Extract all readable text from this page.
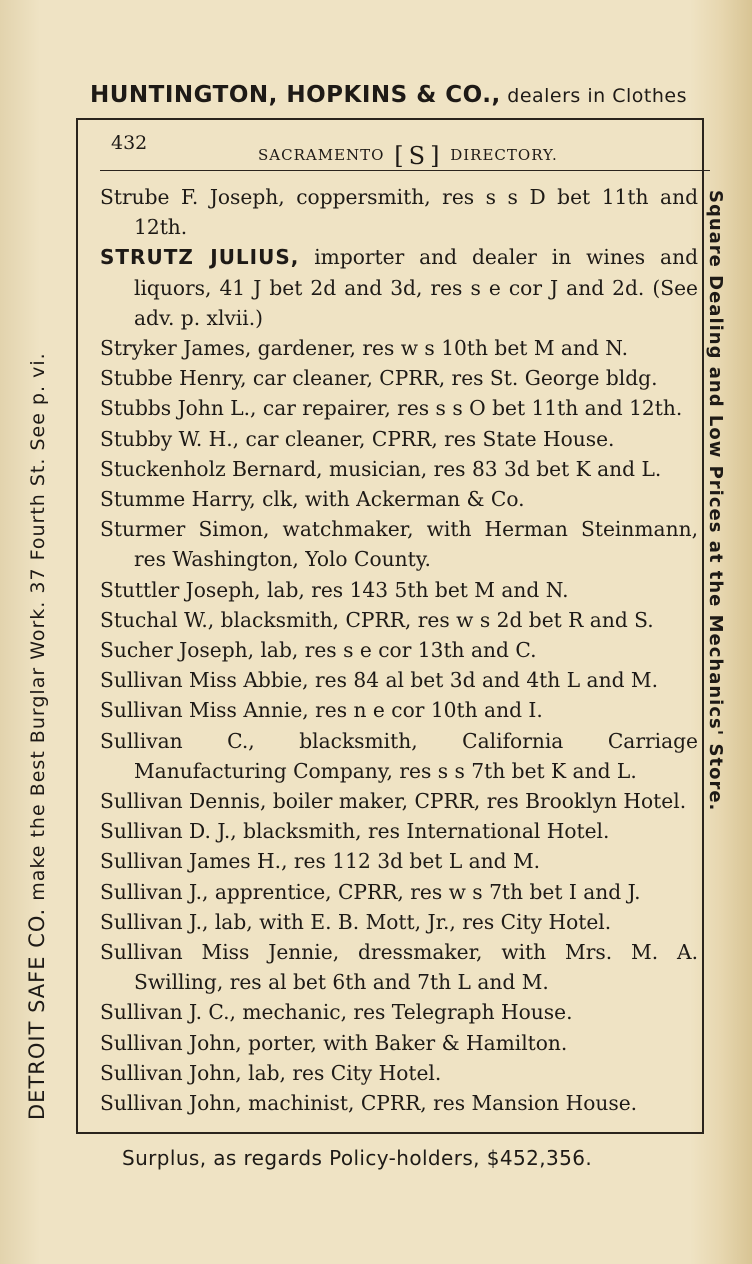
HUNTINGTON, HOPKINS & CO., dealers in Clothes
DETROIT SAFE CO. make the Best Burglar Work. 37 Fourth St. See p. vi.	Square Dealing and Low Prices at the Mechanics' Store.
432
SACRAMENTO [ S ] DIRECTORY.

Strube F. Joseph, coppersmith, res s s D bet 11th and 12th.

STRUTZ JULIUS, importer and dealer in wines and liquors, 41 J bet 2d and 3d, res s e cor J and 2d. (See adv. p. xlvii.)

Stryker James, gardener, res w s 10th bet M and N.

Stubbe Henry, car cleaner, CPRR, res St. George bldg.

Stubbs John L., car repairer, res s s O bet 11th and 12th.

Stubby W. H., car cleaner, CPRR, res State House.

Stuckenholz Bernard, musician, res 83 3d bet K and L.

Stumme Harry, clk, with Ackerman & Co.

Sturmer Simon, watchmaker, with Herman Steinmann, res Washington, Yolo County.

Stuttler Joseph, lab, res 143 5th bet M and N.

Stuchal W., blacksmith, CPRR, res w s 2d bet R and S.

Sucher Joseph, lab, res s e cor 13th and C.

Sullivan Miss Abbie, res 84 al bet 3d and 4th L and M.

Sullivan Miss Annie, res n e cor 10th and I.

Sullivan C., blacksmith, California Carriage Manufacturing Company, res s s 7th bet K and L.

Sullivan Dennis, boiler maker, CPRR, res Brooklyn Hotel.

Sullivan D. J., blacksmith, res International Hotel.

Sullivan James H., res 112 3d bet L and M.

Sullivan J., apprentice, CPRR, res w s 7th bet I and J.

Sullivan J., lab, with E. B. Mott, Jr., res City Hotel.

Sullivan Miss Jennie, dressmaker, with Mrs. M. A. Swilling, res al bet 6th and 7th L and M.

Sullivan J. C., mechanic, res Telegraph House.

Sullivan John, porter, with Baker & Hamilton.

Sullivan John, lab, res City Hotel.

Sullivan John, machinist, CPRR, res Mansion House.

Surplus, as regards Policy-holders, $452,356.
